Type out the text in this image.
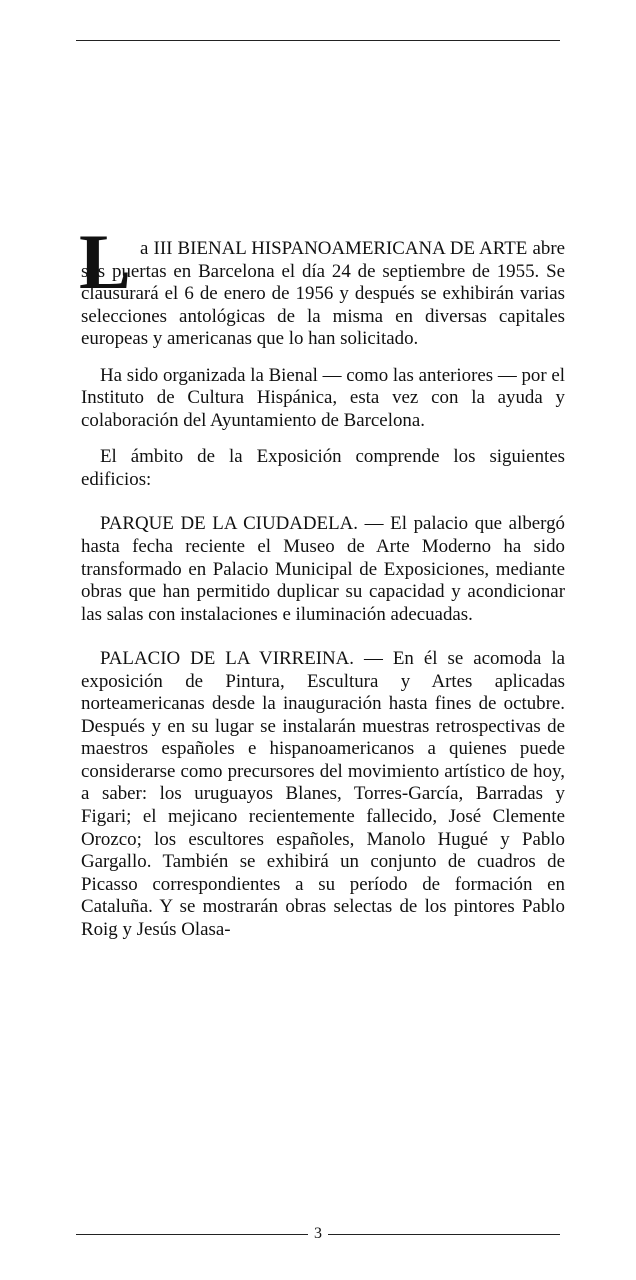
L a III BIENAL HISPANOAMERICANA DE ARTE abre sus puertas en Barcelona el día 24 de septiembre de 1955. Se clausurará el 6 de enero de 1956 y después se exhibirán varias selecciones antológicas de la misma en diversas capitales europeas y americanas que lo han solicitado.

Ha sido organizada la Bienal — como las anteriores — por el Instituto de Cultura Hispánica, esta vez con la ayuda y colaboración del Ayuntamiento de Barcelona.

El ámbito de la Exposición comprende los siguientes edificios:

PARQUE DE LA CIUDADELA. — El palacio que albergó hasta fecha reciente el Museo de Arte Moderno ha sido transformado en Palacio Municipal de Exposiciones, mediante obras que han permitido duplicar su capacidad y acondicionar las salas con instalaciones e iluminación adecuadas.

PALACIO DE LA VIRREINA. — En él se acomoda la exposición de Pintura, Escultura y Artes aplicadas norteamericanas desde la inauguración hasta fines de octubre. Después y en su lugar se instalarán muestras retrospectivas de maestros españoles e hispanoamericanos a quienes puede considerarse como precursores del movimiento artístico de hoy, a saber: los uruguayos Blanes, Torres-García, Barradas y Figari; el mejicano recientemente fallecido, José Clemente Orozco; los escultores españoles, Manolo Hugué y Pablo Gargallo. También se exhibirá un conjunto de cuadros de Picasso correspondientes a su período de formación en Cataluña. Y se mostrarán obras selectas de los pintores Pablo Roig y Jesús Olasa-

3
